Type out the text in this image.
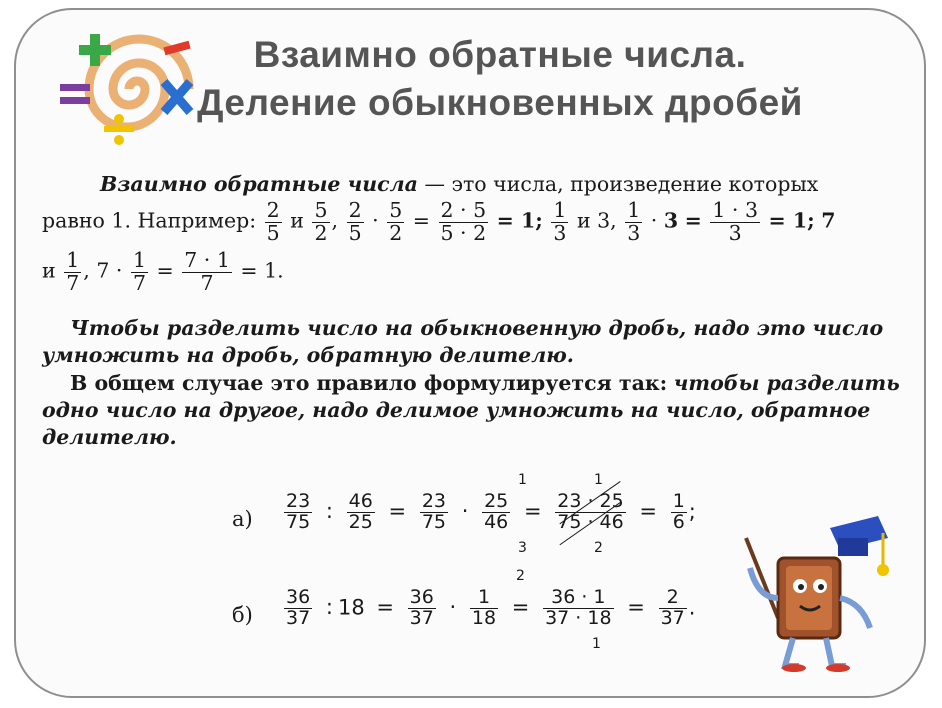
Взаимно обратные числа.
Деление обыкновенных дробей
Взаимно обратные числа — это числа, произведение которых
равно 1. Например: $\frac{2}{5}$ и $\frac{5}{2}$ , $\frac{2}{5} \cdot \frac{5}{2} = \frac{2 \cdot 5}{5 \cdot 2} = 1$; $\frac{1}{3}$ и 3, $\frac{1}{3} \cdot 3 = \frac{1 \cdot 3}{3} = 1$; 7
и $\frac{1}{7}$ , $7 \cdot \frac{1}{7} = \frac{7 \cdot 1}{7} = 1$.
Чтобы разделить число на обыкновенную дробь, надо это число
умножить на дробь, обратную делителю.
В общем случае это правило формулируется так: чтобы разделить
одно число на другое, надо делимое умножить на число, обратное
делителю.
$а) \frac{23}{75}$ : $\frac{46}{25} = \frac{23}{75} \cdot \frac{25}{46} = \frac{23 \cdot 25}{75 \cdot 46} = \frac{1}{6}$ ;
1	1
3	2
$б) \frac{36}{37}$ : $18 = \frac{36}{37} \cdot \frac{1}{18} = \frac{36 \cdot 1}{37 \cdot 18} = \frac{2}{37}$ .
2
1
